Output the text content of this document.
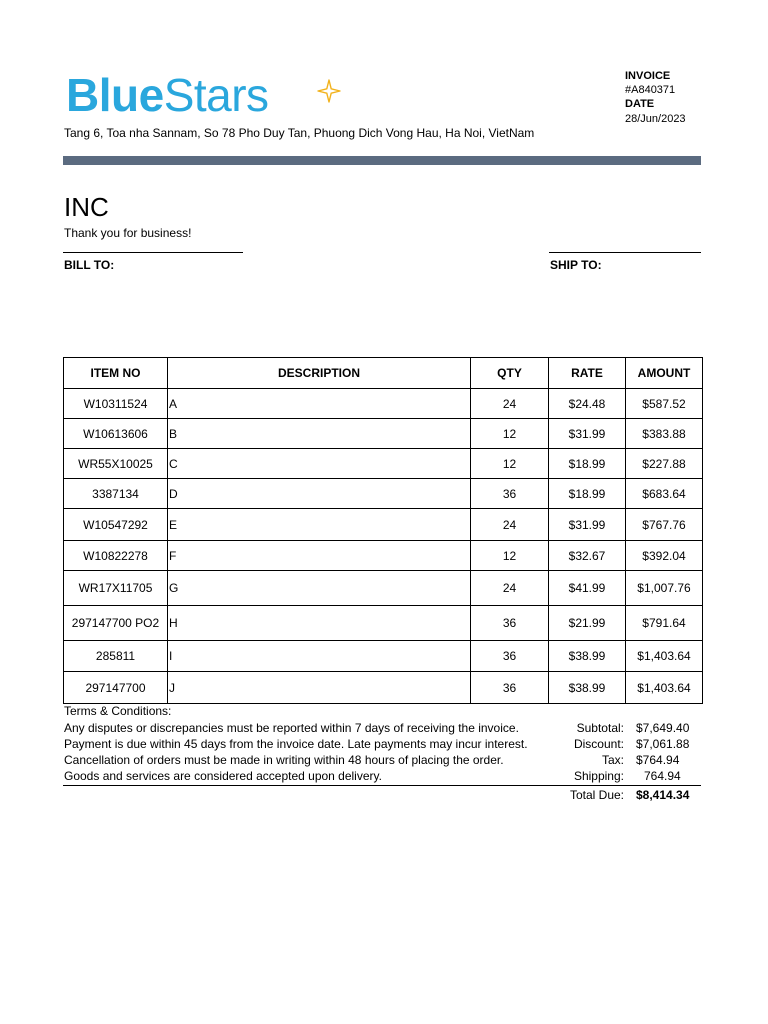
BlueStars
Tang 6, Toa nha Sannam, So 78 Pho Duy Tan, Phuong Dich Vong Hau, Ha Noi, VietNam
INVOICE
#A840371
DATE
28/Jun/2023
INC
Thank you for business!
BILL TO:	SHIP TO:
ITEM NO	DESCRIPTION	QTY	RATE	AMOUNT
W10311524	A	24	$24.48	$587.52
W10613606	B	12	$31.99	$383.88
WR55X10025	C	12	$18.99	$227.88
3387134	D	36	$18.99	$683.64
W10547292	E	24	$31.99	$767.76
W10822278	F	12	$32.67	$392.04
WR17X11705	G	24	$41.99	$1,007.76
297147700 PO2	H	36	$21.99	$791.64
285811	I	36	$38.99	$1,403.64
297147700	J	36	$38.99	$1,403.64
Terms & Conditions:
Any disputes or discrepancies must be reported within 7 days of receiving the invoice.
Payment is due within 45 days from the invoice date. Late payments may incur interest.
Cancellation of orders must be made in writing within 48 hours of placing the order.
Goods and services are considered accepted upon delivery.
Subtotal: $7,649.40
Discount: $7,061.88
Tax: $764.94
Shipping: 764.94
Total Due: $8,414.34
